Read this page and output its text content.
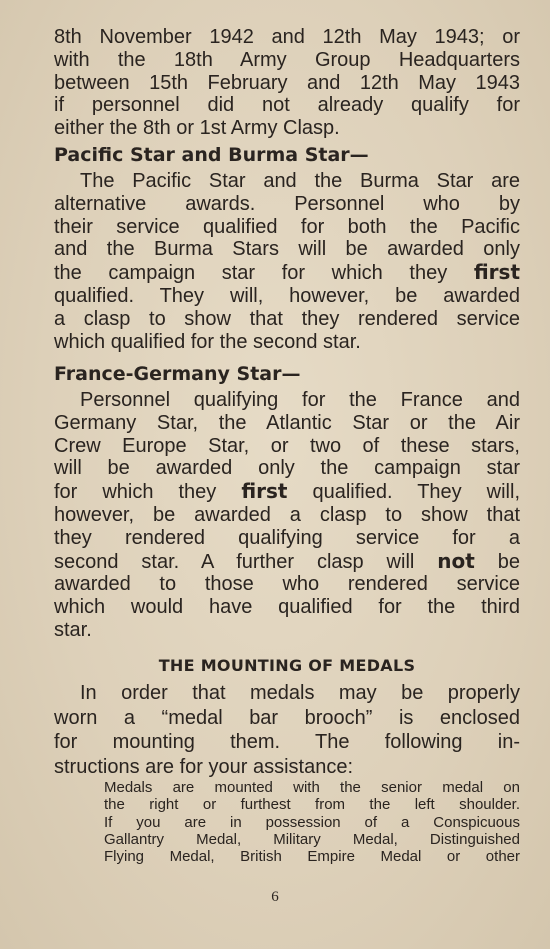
8th November 1942 and 12th May 1943; or
with the 18th Army Group Headquarters
between 15th February and 12th May 1943
if personnel did not already qualify for
either the 8th or 1st Army Clasp.

Pacific Star and Burma Star—

The Pacific Star and the Burma Star are
alternative awards. Personnel who by
their service qualified for both the Pacific
and the Burma Stars will be awarded only
the campaign star for which they first
qualified. They will, however, be awarded
a clasp to show that they rendered service
which qualified for the second star.

France-Germany Star—

Personnel qualifying for the France and
Germany Star, the Atlantic Star or the Air
Crew Europe Star, or two of these stars,
will be awarded only the campaign star
for which they first qualified. They will,
however, be awarded a clasp to show that
they rendered qualifying service for a
second star. A further clasp will not be
awarded to those who rendered service
which would have qualified for the third
star.

THE MOUNTING OF MEDALS

In order that medals may be properly
worn a “medal bar brooch” is enclosed
for mounting them. The following in-
structions are for your assistance:

Medals are mounted with the senior medal on
the right or furthest from the left shoulder.
If you are in possession of a Conspicuous
Gallantry Medal, Military Medal, Distinguished
Flying Medal, British Empire Medal or other
6
